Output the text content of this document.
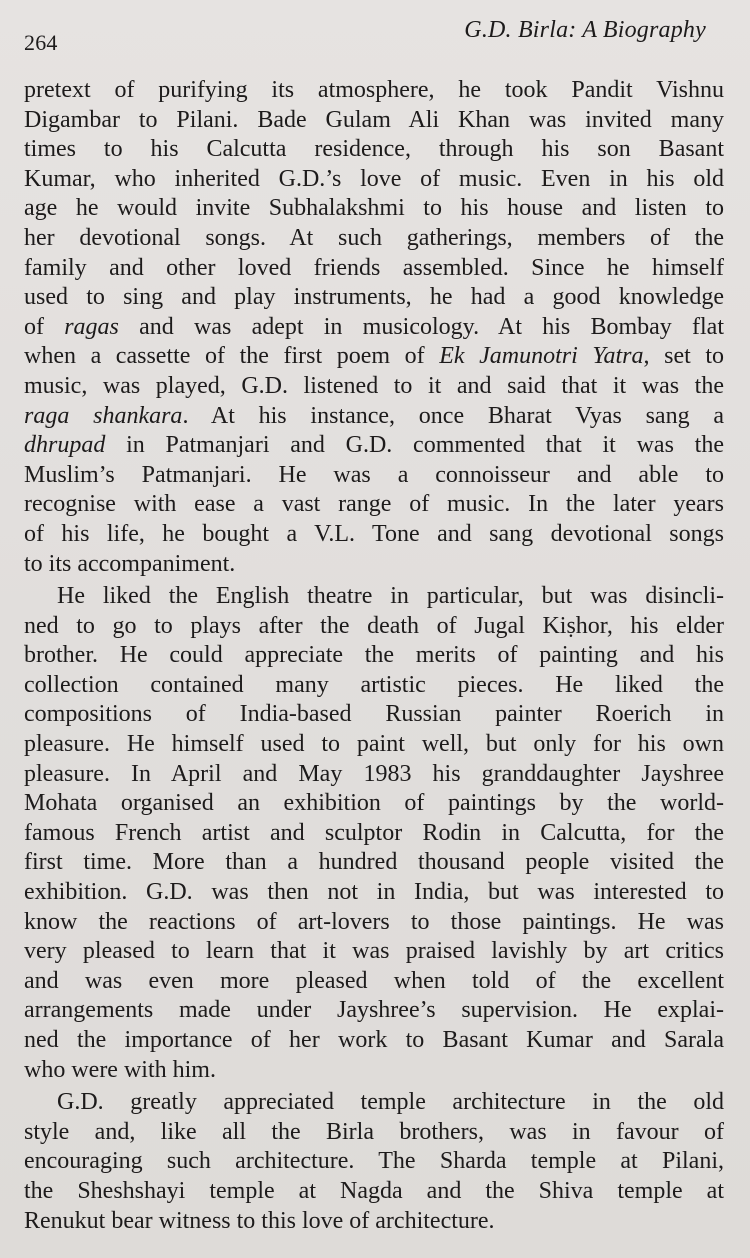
264	G.D. Birla: A Biography
pretext of purifying its atmosphere, he took Pandit Vishnu
Digambar to Pilani. Bade Gulam Ali Khan was invited many
times to his Calcutta residence, through his son Basant
Kumar, who inherited G.D.’s love of music. Even in his old
age he would invite Subhalakshmi to his house and listen to
her devotional songs. At such gatherings, members of the
family and other loved friends assembled. Since he himself
used to sing and play instruments, he had a good knowledge
of ragas and was adept in musicology. At his Bombay flat
when a cassette of the first poem of Ek Jamunotri Yatra, set to
music, was played, G.D. listened to it and said that it was the
raga shankara. At his instance, once Bharat Vyas sang a
dhrupad in Patmanjari and G.D. commented that it was the
Muslim’s Patmanjari. He was a connoisseur and able to
recognise with ease a vast range of music. In the later years
of his life, he bought a V.L. Tone and sang devotional songs
to its accompaniment.
He liked the English theatre in particular, but was disincli-
ned to go to plays after the death of Jugal Kiṣhor, his elder
brother. He could appreciate the merits of painting and his
collection contained many artistic pieces. He liked the
compositions of India-based Russian painter Roerich in
pleasure. He himself used to paint well, but only for his own
pleasure. In April and May 1983 his granddaughter Jayshree
Mohata organised an exhibition of paintings by the world-
famous French artist and sculptor Rodin in Calcutta, for the
first time. More than a hundred thousand people visited the
exhibition. G.D. was then not in India, but was interested to
know the reactions of art-lovers to those paintings. He was
very pleased to learn that it was praised lavishly by art critics
and was even more pleased when told of the excellent
arrangements made under Jayshree’s supervision. He explai-
ned the importance of her work to Basant Kumar and Sarala
who were with him.
G.D. greatly appreciated temple architecture in the old
style and, like all the Birla brothers, was in favour of
encouraging such architecture. The Sharda temple at Pilani,
the Sheshshayi temple at Nagda and the Shiva temple at
Renukut bear witness to this love of architecture.
